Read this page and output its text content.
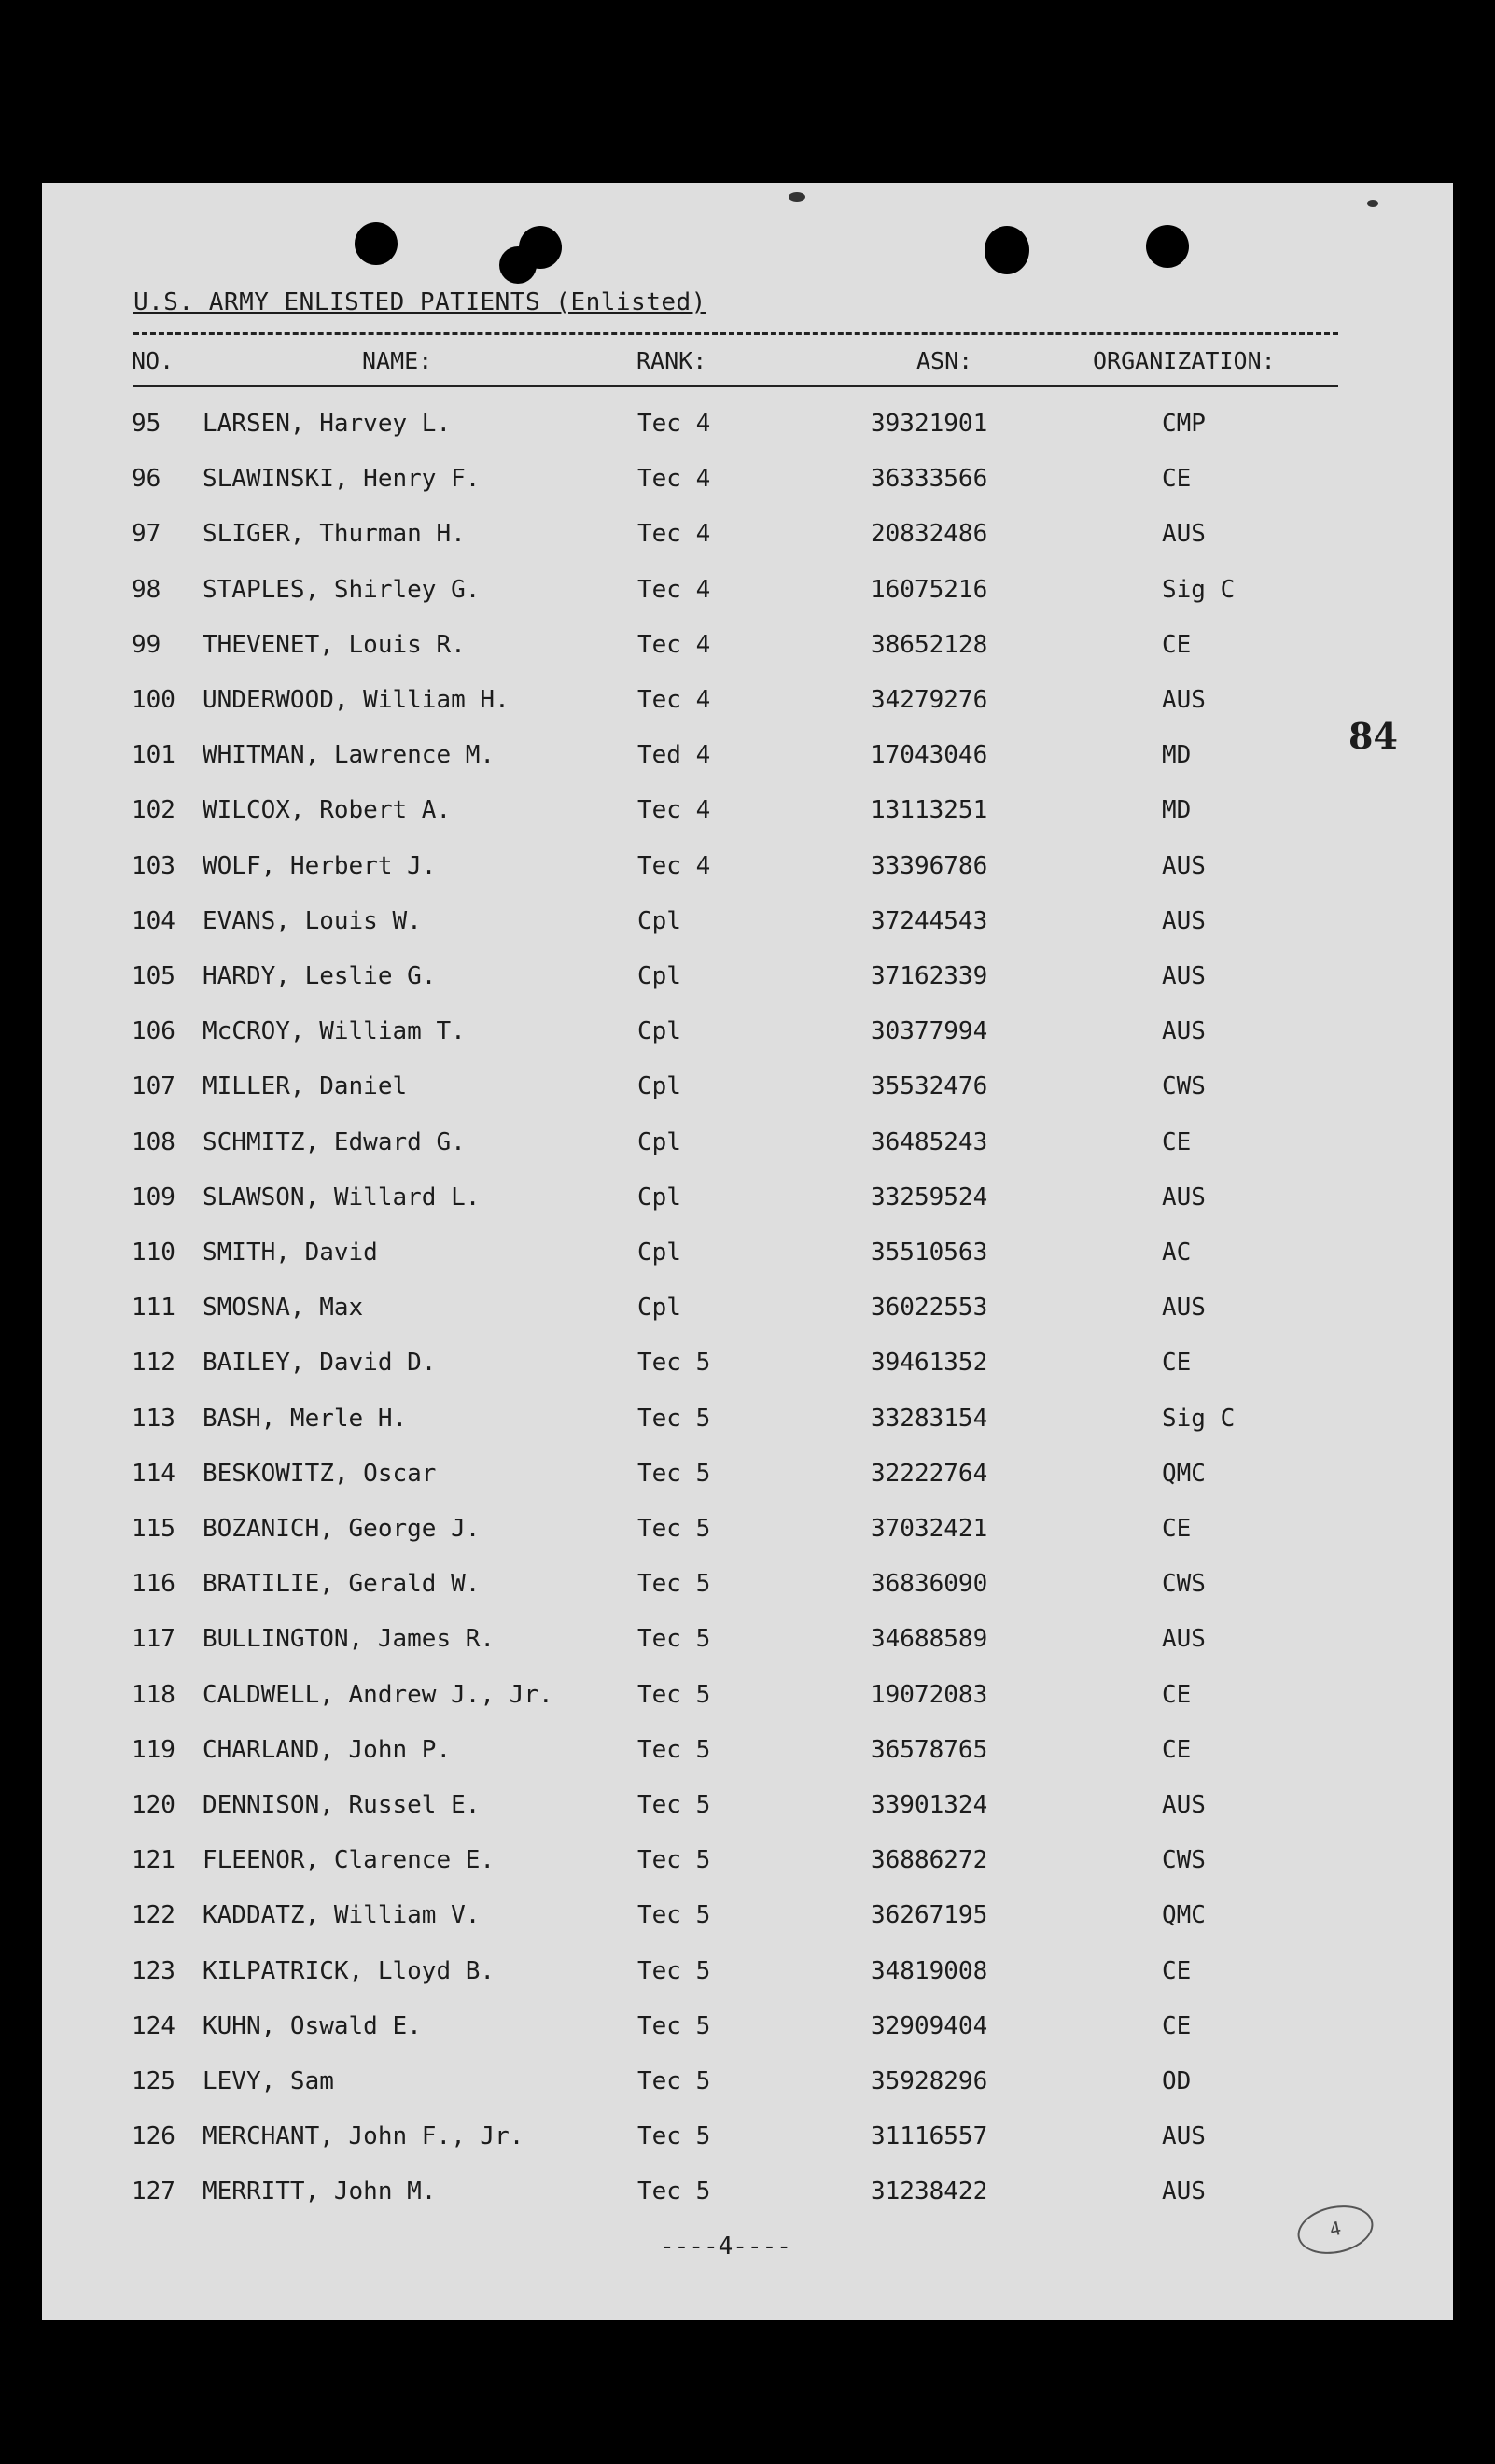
U.S. ARMY ENLISTED PATIENTS (Enlisted)
NO.	NAME:	RANK:	ASN:	ORGANIZATION:
95 LARSEN, Harvey L.	Tec 4	39321901	CMP
96 SLAWINSKI, Henry F.	Tec 4	36333566	CE
97 SLIGER, Thurman H.	Tec 4	20832486	AUS
98 STAPLES, Shirley G.	Tec 4	16075216	Sig C
99 THEVENET, Louis R.	Tec 4	38652128	CE
100 UNDERWOOD, William H.	Tec 4	34279276	AUS
101 WHITMAN, Lawrence M.	Ted 4	17043046	MD
102 WILCOX, Robert A.	Tec 4	13113251	MD
103 WOLF, Herbert J.	Tec 4	33396786	AUS
104 EVANS, Louis W.	Cpl	37244543	AUS
105 HARDY, Leslie G.	Cpl	37162339	AUS
106 McCROY, William T.	Cpl	30377994	AUS
107 MILLER, Daniel	Cpl	35532476	CWS
108 SCHMITZ, Edward G.	Cpl	36485243	CE
109 SLAWSON, Willard L.	Cpl	33259524	AUS
110 SMITH, David	Cpl	35510563	AC
111 SMOSNA, Max	Cpl	36022553	AUS
112 BAILEY, David D.	Tec 5	39461352	CE
113 BASH, Merle H.	Tec 5	33283154	Sig C
114 BESKOWITZ, Oscar	Tec 5	32222764	QMC
115 BOZANICH, George J.	Tec 5	37032421	CE
116 BRATILIE, Gerald W.	Tec 5	36836090	CWS
117 BULLINGTON, James R.	Tec 5	34688589	AUS
118 CALDWELL, Andrew J., Jr.	Tec 5	19072083	CE
119 CHARLAND, John P.	Tec 5	36578765	CE
120 DENNISON, Russel E.	Tec 5	33901324	AUS
121 FLEENOR, Clarence E.	Tec 5	36886272	CWS
122 KADDATZ, William V.	Tec 5	36267195	QMC
123 KILPATRICK, Lloyd B.	Tec 5	34819008	CE
124 KUHN, Oswald E.	Tec 5	32909404	CE
125 LEVY, Sam	Tec 5	35928296	OD
126 MERCHANT, John F., Jr.	Tec 5	31116557	AUS
127 MERRITT, John M.	Tec 5	31238422	AUS
84
----4----
4
